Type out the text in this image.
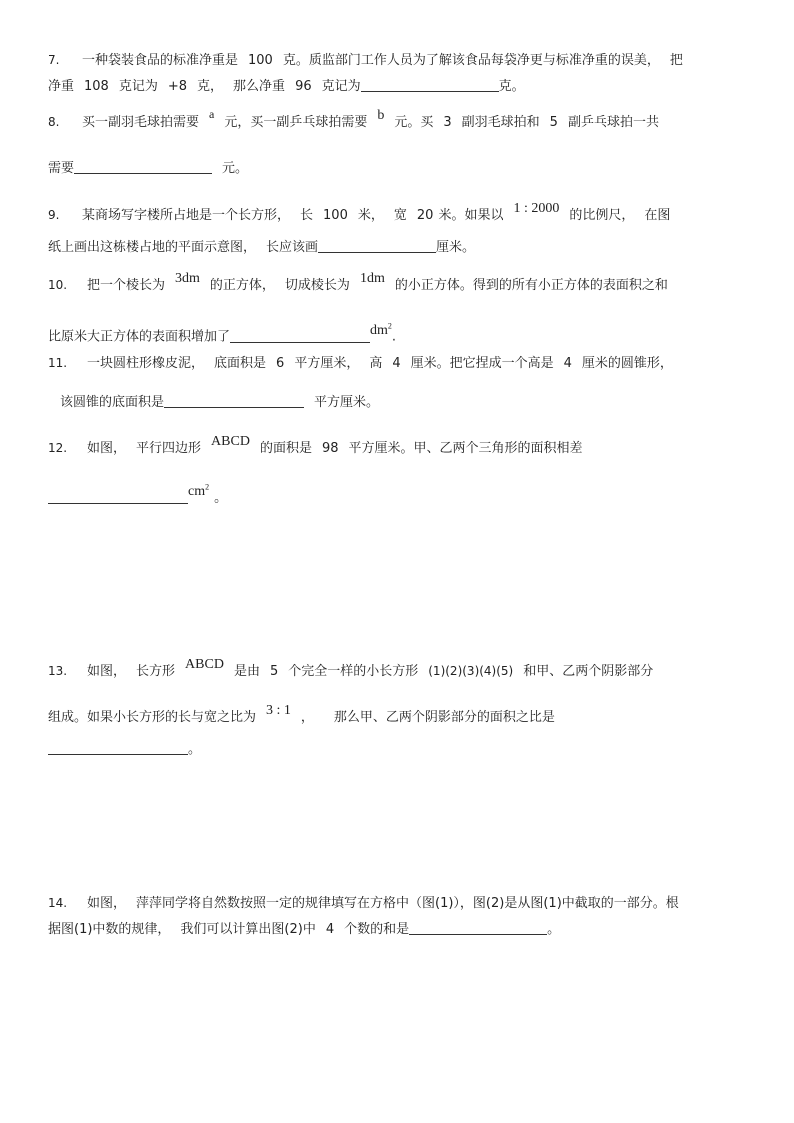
7. 一种袋装食品的标准净重是 100 克。质监部门工作人员为了解该食品每袋净更与标准净重的误美， 把
净重 108 克记为 +8 克， 那么净重 96 克记为	克。
8. 买一副羽毛球拍需要a元，买一副乒乓球拍需要 b 元。买 3 副羽毛球拍和 5 副乒乓球拍一共
需要	元。
9. 某商场写字楼所占地是一个长方形， 长 100 米， 宽 20 米。如果以 1 : 2000 的比例尺， 在图
纸上画出这栋楼占地的平面示意图， 长应该画	厘米。
10. 把一个棱长为 3dm 的正方体， 切成棱长为 1dm 的小正方体。得到的所有小正方体的表面积之和
比原米大正方体的表面积增加了	$dm^2$.
11. 一块圆柱形橡皮泥， 底面积是 6 平方厘米， 高 4 厘米。把它捏成一个高是 4 厘米的圆锥形，
该圆锥的底面积是	平方厘米。
12. 如图， 平行四边形 ABCD 的面积是 98 平方厘米。甲、乙两个三角形的面积相差
$cm^2$。
13. 如图， 长方形 ABCD 是由 5 个完全一样的小长方形 (1)(2)(3)(4)(5) 和甲、乙两个阴影部分
组成。如果小长方形的长与宽之比为 3 : 1 ， 那么甲、乙两个阴影部分的面积之比是
。
14. 如图， 萍萍同学将自然数按照一定的规律填写在方格中（图(1)），图(2)是从图(1)中截取的一部分。根
据图(1)中数的规律， 我们可以计算出图(2)中 4 个数的和是	。
